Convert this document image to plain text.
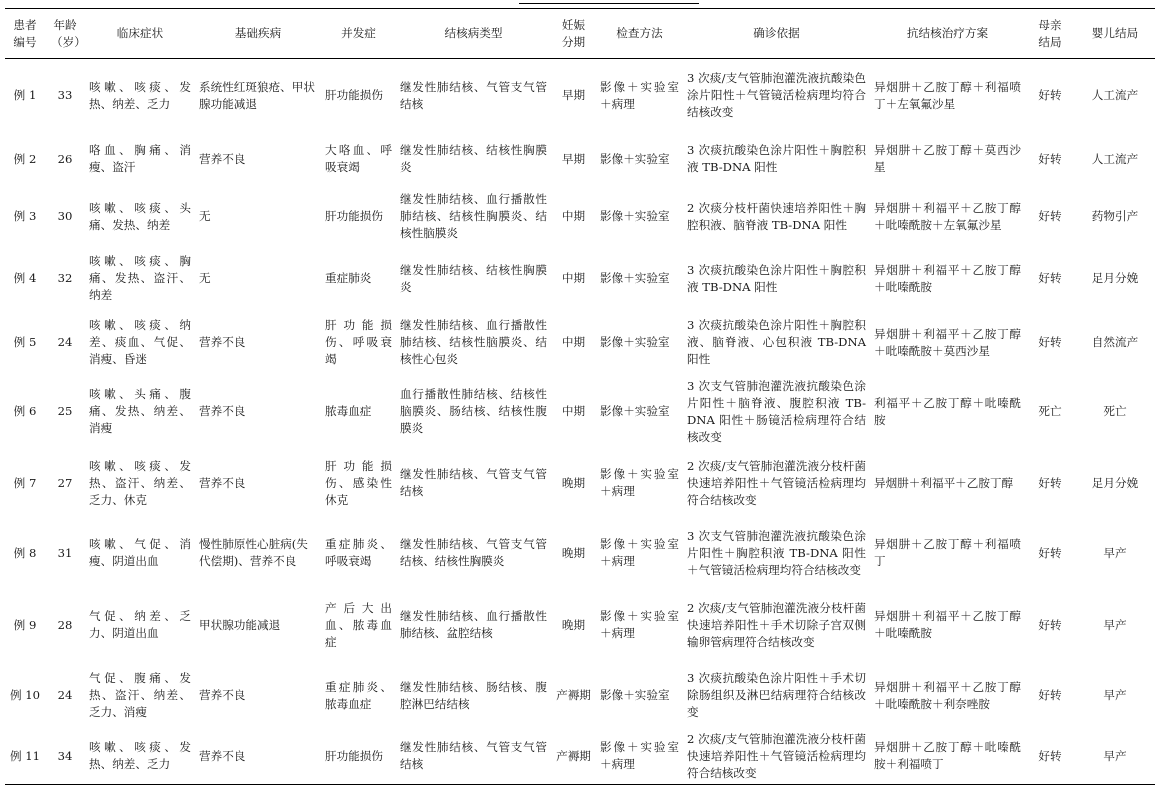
患者编号	年龄（岁）	临床症状	基础疾病	并发症	结核病类型	妊娠分期	检查方法	确诊依据	抗结核治疗方案	母亲结局	婴儿结局
例 1	33	咳嗽、咳痰、发热、纳差、乏力	系统性红斑狼疮、甲状腺功能减退	肝功能损伤	继发性肺结核、气管支气管结核	早期	影像＋实验室＋病理	3 次痰/支气管肺泡灌洗液抗酸染色涂片阳性＋气管镜活检病理均符合结核改变	异烟肼＋乙胺丁醇＋利福喷丁＋左氧氟沙星	好转	人工流产
例 2	26	咯血、胸痛、消瘦、盗汗	营养不良	大咯血、呼吸衰竭	继发性肺结核、结核性胸膜炎	早期	影像＋实验室	3 次痰抗酸染色涂片阳性＋胸腔积液 TB-DNA 阳性	异烟肼＋乙胺丁醇＋莫西沙星	好转	人工流产
例 3	30	咳嗽、咳痰、头痛、发热、纳差	无	肝功能损伤	继发性肺结核、血行播散性肺结核、结核性胸膜炎、结核性脑膜炎	中期	影像＋实验室	2 次痰分枝杆菌快速培养阳性＋胸腔积液、脑脊液 TB-DNA 阳性	异烟肼＋利福平＋乙胺丁醇＋吡嗪酰胺＋左氧氟沙星	好转	药物引产
例 4	32	咳嗽、咳痰、胸痛、发热、盗汗、纳差	无	重症肺炎	继发性肺结核、结核性胸膜炎	中期	影像＋实验室	3 次痰抗酸染色涂片阳性＋胸腔积液 TB-DNA 阳性	异烟肼＋利福平＋乙胺丁醇＋吡嗪酰胺	好转	足月分娩
例 5	24	咳嗽、咳痰、纳差、痰血、气促、消瘦、昏迷	营养不良	肝功能损伤、呼吸衰竭	继发性肺结核、血行播散性肺结核、结核性脑膜炎、结核性心包炎	中期	影像＋实验室	3 次痰抗酸染色涂片阳性＋胸腔积液、脑脊液、心包积液 TB-DNA 阳性	异烟肼＋利福平＋乙胺丁醇＋吡嗪酰胺＋莫西沙星	好转	自然流产
例 6	25	咳嗽、头痛、腹痛、发热、纳差、消瘦	营养不良	脓毒血症	血行播散性肺结核、结核性脑膜炎、肠结核、结核性腹膜炎	中期	影像＋实验室	3 次支气管肺泡灌洗液抗酸染色涂片阳性＋脑脊液、腹腔积液 TB-DNA 阳性＋肠镜活检病理符合结核改变	利福平＋乙胺丁醇＋吡嗪酰胺	死亡	死亡
例 7	27	咳嗽、咳痰、发热、盗汗、纳差、乏力、休克	营养不良	肝功能损伤、感染性休克	继发性肺结核、气管支气管结核	晚期	影像＋实验室＋病理	2 次痰/支气管肺泡灌洗液分枝杆菌快速培养阳性＋气管镜活检病理均符合结核改变	异烟肼＋利福平＋乙胺丁醇	好转	足月分娩
例 8	31	咳嗽、气促、消瘦、阴道出血	慢性肺原性心脏病(失代偿期)、营养不良	重症肺炎、呼吸衰竭	继发性肺结核、气管支气管结核、结核性胸膜炎	晚期	影像＋实验室＋病理	3 次支气管肺泡灌洗液抗酸染色涂片阳性＋胸腔积液 TB-DNA 阳性＋气管镜活检病理均符合结核改变	异烟肼＋乙胺丁醇＋利福喷丁	好转	早产
例 9	28	气促、纳差、乏力、阴道出血	甲状腺功能减退	产后大出血、脓毒血症	继发性肺结核、血行播散性肺结核、盆腔结核	晚期	影像＋实验室＋病理	2 次痰/支气管肺泡灌洗液分枝杆菌快速培养阳性＋手术切除子宫双侧输卵管病理符合结核改变	异烟肼＋利福平＋乙胺丁醇＋吡嗪酰胺	好转	早产
例 10	24	气促、腹痛、发热、盗汗、纳差、乏力、消瘦	营养不良	重症肺炎、脓毒血症	继发性肺结核、肠结核、腹腔淋巴结结核	产褥期	影像＋实验室	3 次痰抗酸染色涂片阳性＋手术切除肠组织及淋巴结病理符合结核改变	异烟肼＋利福平＋乙胺丁醇＋吡嗪酰胺＋利奈唑胺	好转	早产
例 11	34	咳嗽、咳痰、发热、纳差、乏力	营养不良	肝功能损伤	继发性肺结核、气管支气管结核	产褥期	影像＋实验室＋病理	2 次痰/支气管肺泡灌洗液分枝杆菌快速培养阳性＋气管镜活检病理均符合结核改变	异烟肼＋乙胺丁醇＋吡嗪酰胺＋利福喷丁	好转	早产
